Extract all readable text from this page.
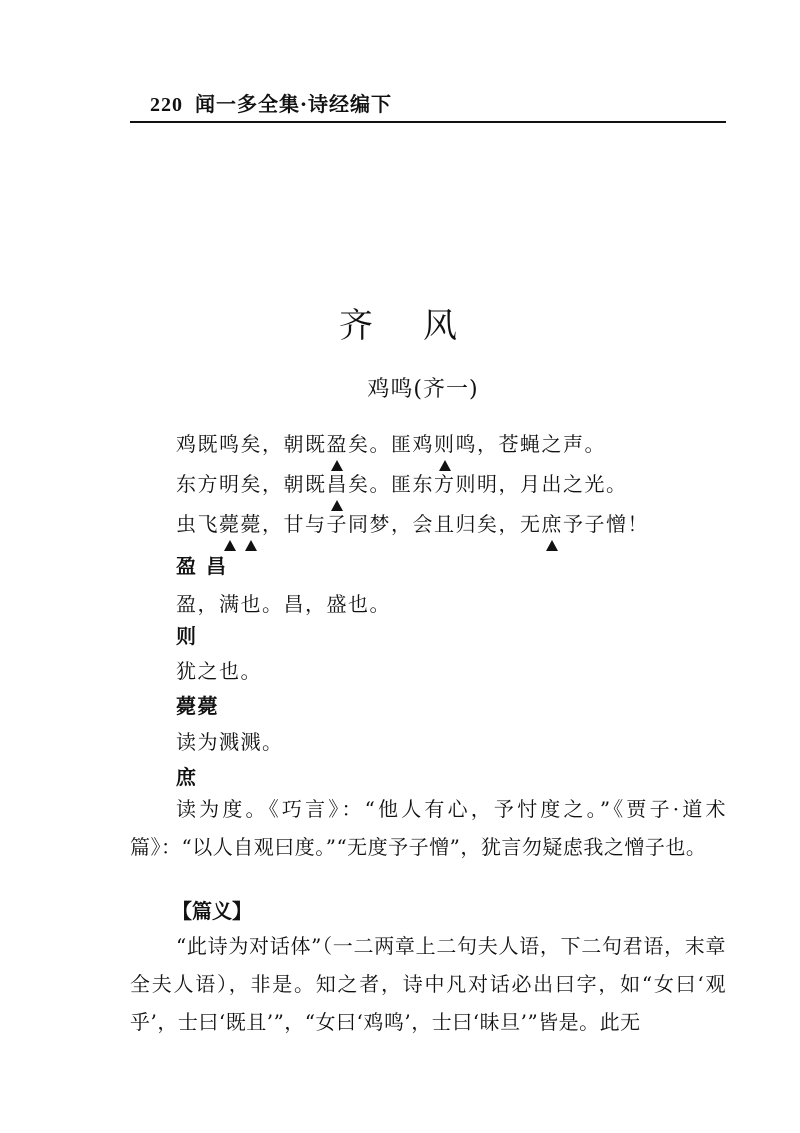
220 闻一多全集·诗经编下
齐风
鸡鸣(齐一)
鸡既鸣矣，朝既盈矣。匪鸡则鸣，苍蝇之声。
东方明矣，朝既昌矣。匪东方则明，月出之光。
虫飞薨薨，甘与子同梦，会且归矣，无庶予子憎！
盈 昌
盈，满也。昌，盛也。
则
犹之也。
薨薨
读为溅溅。
庶
读为度。《巧言》：“他人有心，予忖度之。”《贾子·道术篇》：“以人自观曰度。”“无度予子憎”，犹言勿疑虑我之憎子也。
【篇义】
“此诗为对话体”（一二两章上二句夫人语，下二句君语，末章全夫人语），非是。知之者，诗中凡对话必出曰字，如“女曰‘观乎’，士曰‘既且’”，“女曰‘鸡鸣’，士曰‘昧旦’”皆是。此无
